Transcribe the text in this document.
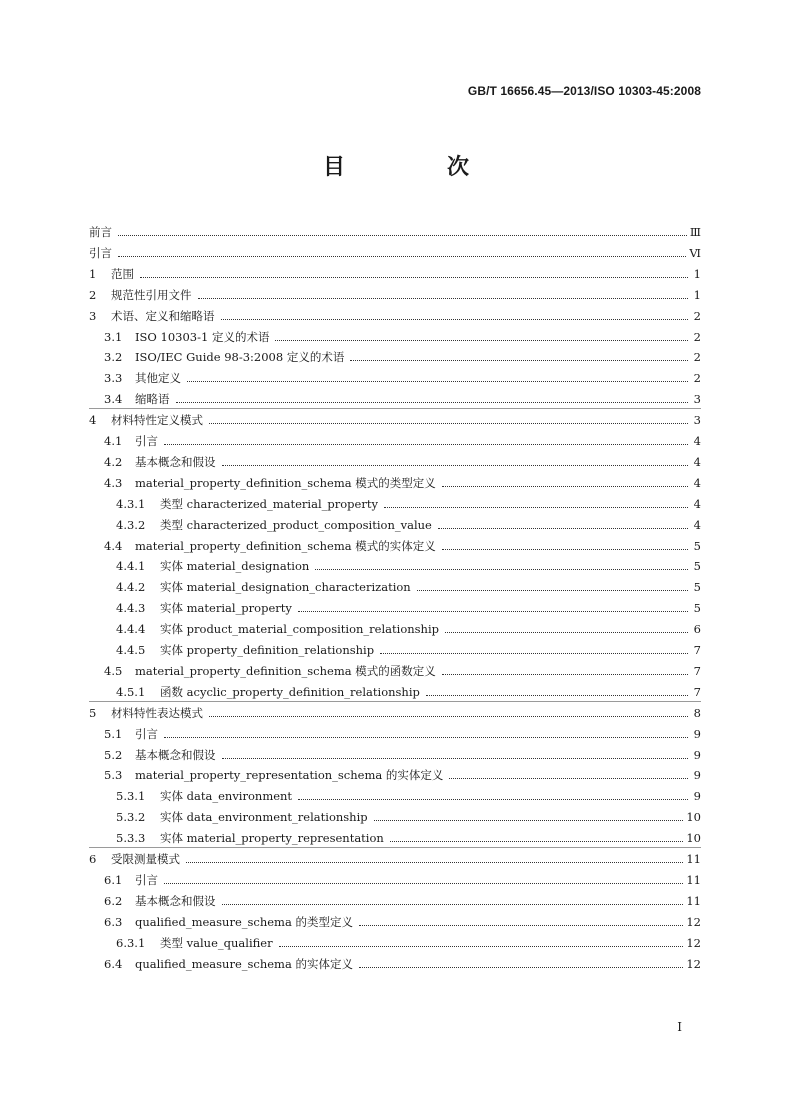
GB/T 16656.45—2013/ISO 10303-45:2008
目　次
前言	Ⅲ
引言	Ⅵ
1	范围	1
2	规范性引用文件	1
3	术语、定义和缩略语	2
3.1	ISO 10303-1 定义的术语	2
3.2	ISO/IEC Guide 98-3:2008 定义的术语	2
3.3	其他定义	2
3.4	缩略语	3
4	材料特性定义模式	3
4.1	引言	4
4.2	基本概念和假设	4
4.3	material_property_definition_schema 模式的类型定义	4
4.3.1	类型 characterized_material_property	4
4.3.2	类型 characterized_product_composition_value	4
4.4	material_property_definition_schema 模式的实体定义	5
4.4.1	实体 material_designation	5
4.4.2	实体 material_designation_characterization	5
4.4.3	实体 material_property	5
4.4.4	实体 product_material_composition_relationship	6
4.4.5	实体 property_definition_relationship	7
4.5	material_property_definition_schema 模式的函数定义	7
4.5.1	函数 acyclic_property_definition_relationship	7
5	材料特性表达模式	8
5.1	引言	9
5.2	基本概念和假设	9
5.3	material_property_representation_schema 的实体定义	9
5.3.1	实体 data_environment	9
5.3.2	实体 data_environment_relationship	10
5.3.3	实体 material_property_representation	10
6	受限测量模式	11
6.1	引言	11
6.2	基本概念和假设	11
6.3	qualified_measure_schema 的类型定义	12
6.3.1	类型 value_qualifier	12
6.4	qualified_measure_schema 的实体定义	12
I
